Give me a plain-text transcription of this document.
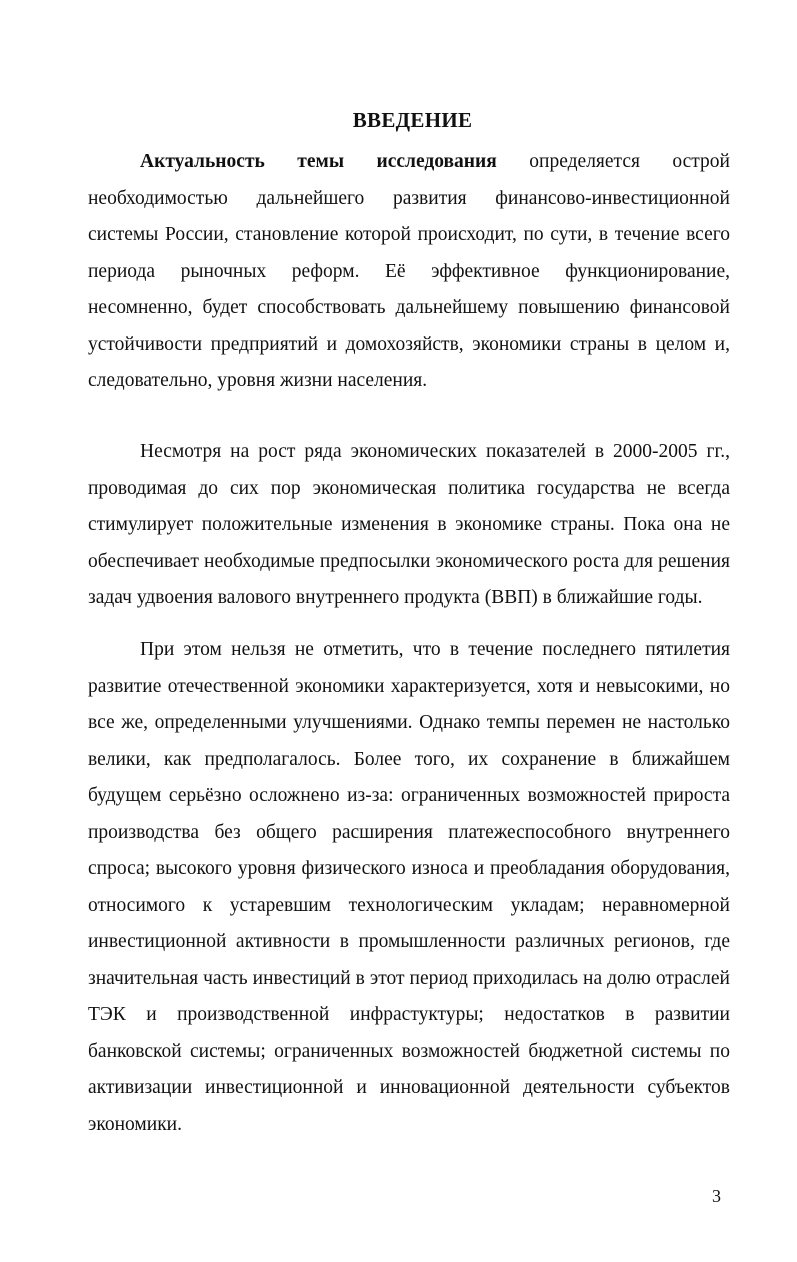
ВВЕДЕНИЕ

Актуальность темы исследования определяется острой необходимостью дальнейшего развития финансово-инвестиционной системы России, становление которой происходит, по сути, в течение всего периода рыночных реформ. Её эффективное функционирование, несомненно, будет способствовать дальнейшему повышению финансовой устойчивости предприятий и домохозяйств, экономики страны в целом и, следовательно, уровня жизни населения.

Несмотря на рост ряда экономических показателей в 2000-2005 гг., проводимая до сих пор экономическая политика государства не всегда стимулирует положительные изменения в экономике страны. Пока она не обеспечивает необходимые предпосылки экономического роста для решения задач удвоения валового внутреннего продукта (ВВП) в ближайшие годы.

При этом нельзя не отметить, что в течение последнего пятилетия развитие отечественной экономики характеризуется, хотя и невысокими, но все же, определенными улучшениями. Однако темпы перемен не настолько велики, как предполагалось. Более того, их сохранение в ближайшем будущем серьёзно осложнено из-за: ограниченных возможностей прироста производства без общего расширения платежеспособного внутреннего спроса; высокого уровня физического износа и преобладания оборудования, относимого к устаревшим технологическим укладам; неравномерной инвестиционной активности в промышленности различных регионов, где значительная часть инвестиций в этот период приходилась на долю отраслей ТЭК и производственной инфрастуктуры; недостатков в развитии банковской системы; ограниченных возможностей бюджетной системы по активизации инвестиционной и инновационной деятельности субъектов экономики.

3
